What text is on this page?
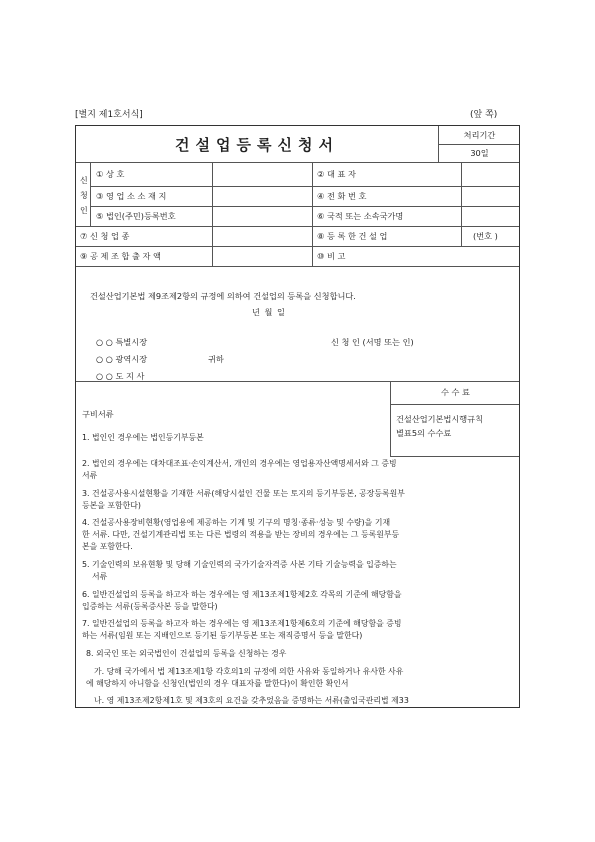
[별지 제1호서식]	(앞 쪽)
건설업등록신청서
처리기간
30일
신
청
인
① 상 호	② 대 표 자
③ 영 업 소 소 재 지	④ 전 화 번 호
⑤ 법인(주민)등록번호	⑥ 국적 또는 소속국가명
⑦ 신 청 업 종	⑧ 등 록 한 건 설 업	(번호 )
⑨ 공 제 조 합 출 자 액	⑩ 비 고
건설산업기본법 제9조제2항의 규정에 의하여 건설업의 등록을 신청합니다.
년 월 일
○ ○ 특별시장
○ ○ 광역시장	귀하
○ ○ 도 지 사
신 청 인 (서명 또는 인)
수 수 료
건설산업기본법시행규칙
별표5의 수수료
구비서류
1. 법인인 경우에는 법인등기부등본
2. 법인의 경우에는 대차대조표·손익계산서, 개인의 경우에는 영업용자산액명세서와 그 증빙
서류
3. 건설공사용시설현황을 기재한 서류(해당시설인 건물 또는 토지의 등기부등본, 공장등록원부
등본을 포함한다)
4. 건설공사용장비현황(영업용에 제공하는 기계 및 기구의 명칭·종류·성능 및 수량)을 기재
한 서류. 다만, 건설기계관리법 또는 다른 법령의 적용을 받는 장비의 경우에는 그 등록원부등
본을 포함한다.
5. 기술인력의 보유현황 및 당해 기술인력의 국가기술자격증 사본 기타 기술능력을 입증하는
서류
6. 일반건설업의 등록을 하고자 하는 경우에는 영 제13조제1항제2호 각목의 기준에 해당함을
입증하는 서류(등록증사본 등을 말한다)
7. 일반건설업의 등록을 하고자 하는 경우에는 영 제13조제1항제6호의 기준에 해당함을 증빙
하는 서류(임원 또는 지배인으로 등기된 등기부등본 또는 재직증명서 등을 말한다)
8. 외국인 또는 외국법인이 건설업의 등록을 신청하는 경우
가. 당해 국가에서 법 제13조제1항 각호의1의 규정에 의한 사유와 동일하거나 유사한 사유
에 해당하지 아니함을 신청인(법인의 경우 대표자를 말한다)이 확인한 확인서
나. 영 제13조제2항제1호 및 제3호의 요건을 갖추었음을 증명하는 서류(출입국관리법 제33
